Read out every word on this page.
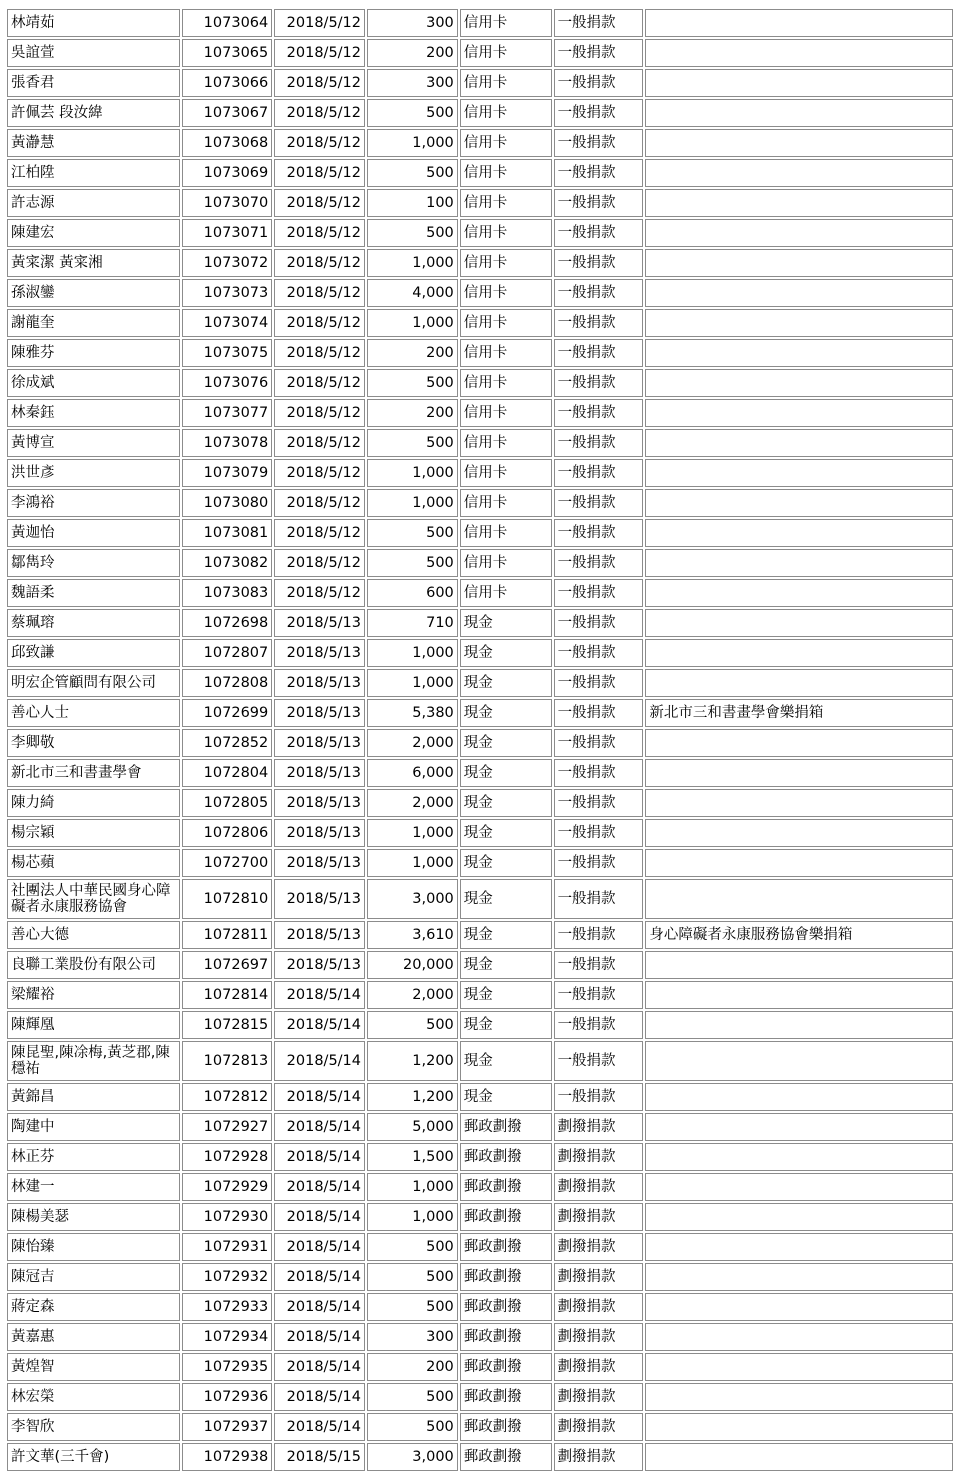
林靖茹	1073064	2018/5/12	300	信用卡	一般捐款	
吳誼萱	1073065	2018/5/12	200	信用卡	一般捐款	
張香君	1073066	2018/5/12	300	信用卡	一般捐款	
許佩芸 段汝緯	1073067	2018/5/12	500	信用卡	一般捐款	
黃瀞慧	1073068	2018/5/12	1,000	信用卡	一般捐款	
江柏陞	1073069	2018/5/12	500	信用卡	一般捐款	
許志源	1073070	2018/5/12	100	信用卡	一般捐款	
陳建宏	1073071	2018/5/12	500	信用卡	一般捐款	
黃寀潔 黃寀湘	1073072	2018/5/12	1,000	信用卡	一般捐款	
孫淑鑾	1073073	2018/5/12	4,000	信用卡	一般捐款	
謝龍奎	1073074	2018/5/12	1,000	信用卡	一般捐款	
陳雅芬	1073075	2018/5/12	200	信用卡	一般捐款	
徐成斌	1073076	2018/5/12	500	信用卡	一般捐款	
林秦鈺	1073077	2018/5/12	200	信用卡	一般捐款	
黃博宣	1073078	2018/5/12	500	信用卡	一般捐款	
洪世彥	1073079	2018/5/12	1,000	信用卡	一般捐款	
李鴻裕	1073080	2018/5/12	1,000	信用卡	一般捐款	
黃迦怡	1073081	2018/5/12	500	信用卡	一般捐款	
鄒雋玲	1073082	2018/5/12	500	信用卡	一般捐款	
魏語柔	1073083	2018/5/12	600	信用卡	一般捐款	
蔡珮瑢	1072698	2018/5/13	710	現金	一般捐款	
邱致謙	1072807	2018/5/13	1,000	現金	一般捐款	
明宏企管顧問有限公司	1072808	2018/5/13	1,000	現金	一般捐款	
善心人士	1072699	2018/5/13	5,380	現金	一般捐款	新北市三和書畫學會樂捐箱
李卿敬	1072852	2018/5/13	2,000	現金	一般捐款	
新北市三和書畫學會	1072804	2018/5/13	6,000	現金	一般捐款	
陳力綺	1072805	2018/5/13	2,000	現金	一般捐款	
楊宗穎	1072806	2018/5/13	1,000	現金	一般捐款	
楊芯蘋	1072700	2018/5/13	1,000	現金	一般捐款	
社團法人中華民國身心障礙者永康服務協會	1072810	2018/5/13	3,000	現金	一般捐款	
善心大德	1072811	2018/5/13	3,610	現金	一般捐款	身心障礙者永康服務協會樂捐箱
良聯工業股份有限公司	1072697	2018/5/13	20,000	現金	一般捐款	
梁耀裕	1072814	2018/5/14	2,000	現金	一般捐款	
陳輝凰	1072815	2018/5/14	500	現金	一般捐款	
陳昆聖,陳凃梅,黃芝郡,陳穩祐	1072813	2018/5/14	1,200	現金	一般捐款	
黃錦昌	1072812	2018/5/14	1,200	現金	一般捐款	
陶建中	1072927	2018/5/14	5,000	郵政劃撥	劃撥捐款	
林正芬	1072928	2018/5/14	1,500	郵政劃撥	劃撥捐款	
林建一	1072929	2018/5/14	1,000	郵政劃撥	劃撥捐款	
陳楊美瑟	1072930	2018/5/14	1,000	郵政劃撥	劃撥捐款	
陳怡臻	1072931	2018/5/14	500	郵政劃撥	劃撥捐款	
陳冠吉	1072932	2018/5/14	500	郵政劃撥	劃撥捐款	
蔣定森	1072933	2018/5/14	500	郵政劃撥	劃撥捐款	
黃嘉惠	1072934	2018/5/14	300	郵政劃撥	劃撥捐款	
黃煌智	1072935	2018/5/14	200	郵政劃撥	劃撥捐款	
林宏榮	1072936	2018/5/14	500	郵政劃撥	劃撥捐款	
李智欣	1072937	2018/5/14	500	郵政劃撥	劃撥捐款	
許文華(三千會)	1072938	2018/5/15	3,000	郵政劃撥	劃撥捐款	
